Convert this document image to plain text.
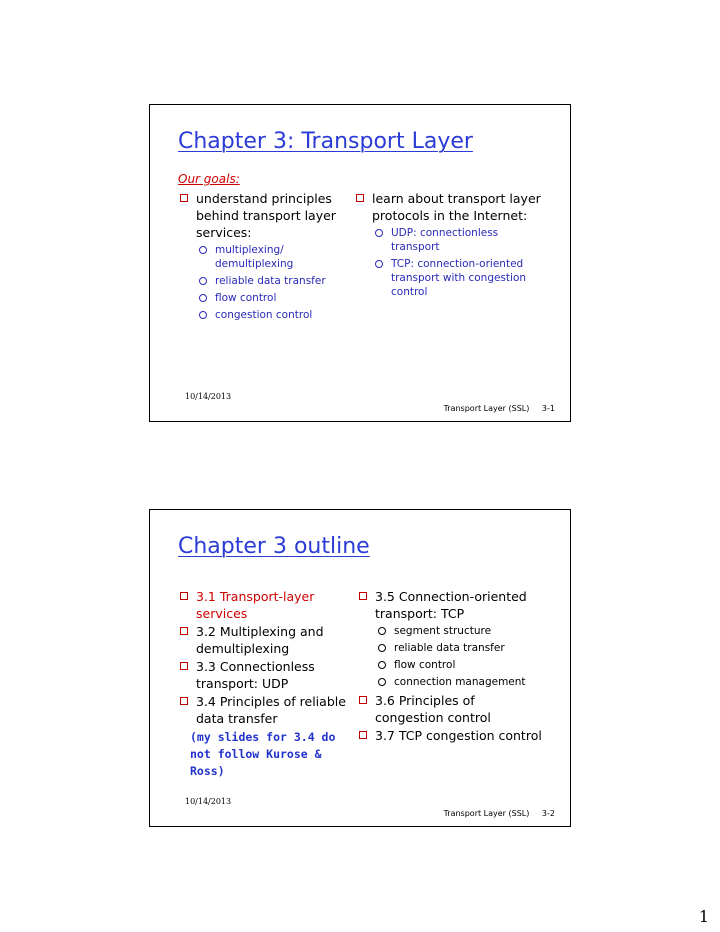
Chapter 3: Transport Layer
Our goals:
understand principles behind transport layer services:
multiplexing/ demultiplexing
reliable data transfer
flow control
congestion control
learn about transport layer protocols in the Internet:
UDP: connectionless transport
TCP: connection-oriented transport with congestion control
10/14/2013
Transport Layer (SSL) 3-1
Chapter 3 outline
3.1 Transport-layer services
3.2 Multiplexing and demultiplexing
3.3 Connectionless transport: UDP
3.4 Principles of reliable data transfer
(my slides for 3.4 do not follow Kurose & Ross)
3.5 Connection-oriented transport: TCP
segment structure
reliable data transfer
flow control
connection management
3.6 Principles of congestion control
3.7 TCP congestion control
10/14/2013
Transport Layer (SSL) 3-2
1
